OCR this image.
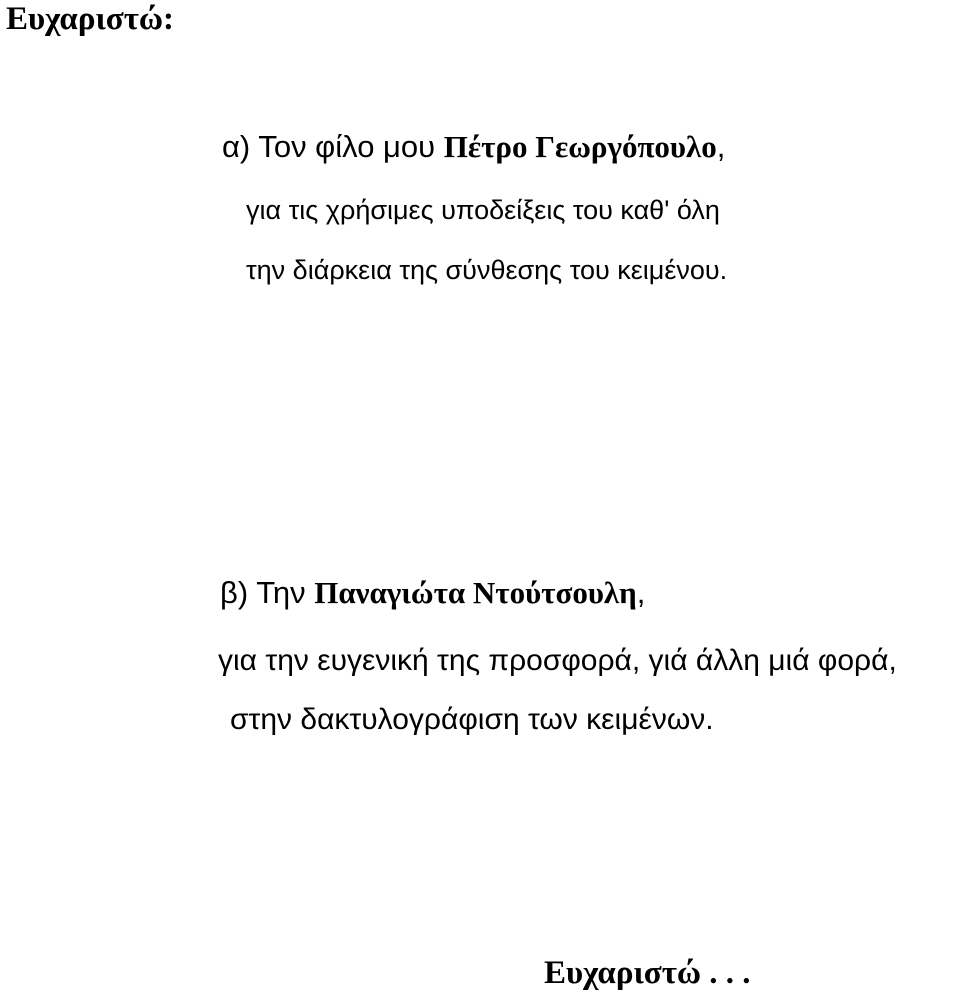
Ευχαριστώ:
α) Τον φίλο μου Πέτρο Γεωργόπουλο,
για τις χρήσιμες υποδείξεις του καθ' όλη
την διάρκεια της σύνθεσης του κειμένου.
β) Την Παναγιώτα Ντούτσουλη,
για την ευγενική της προσφορά, γιά άλλη μιά φορά,
στην δακτυλογράφιση των κειμένων.
Ευχαριστώ . . .
